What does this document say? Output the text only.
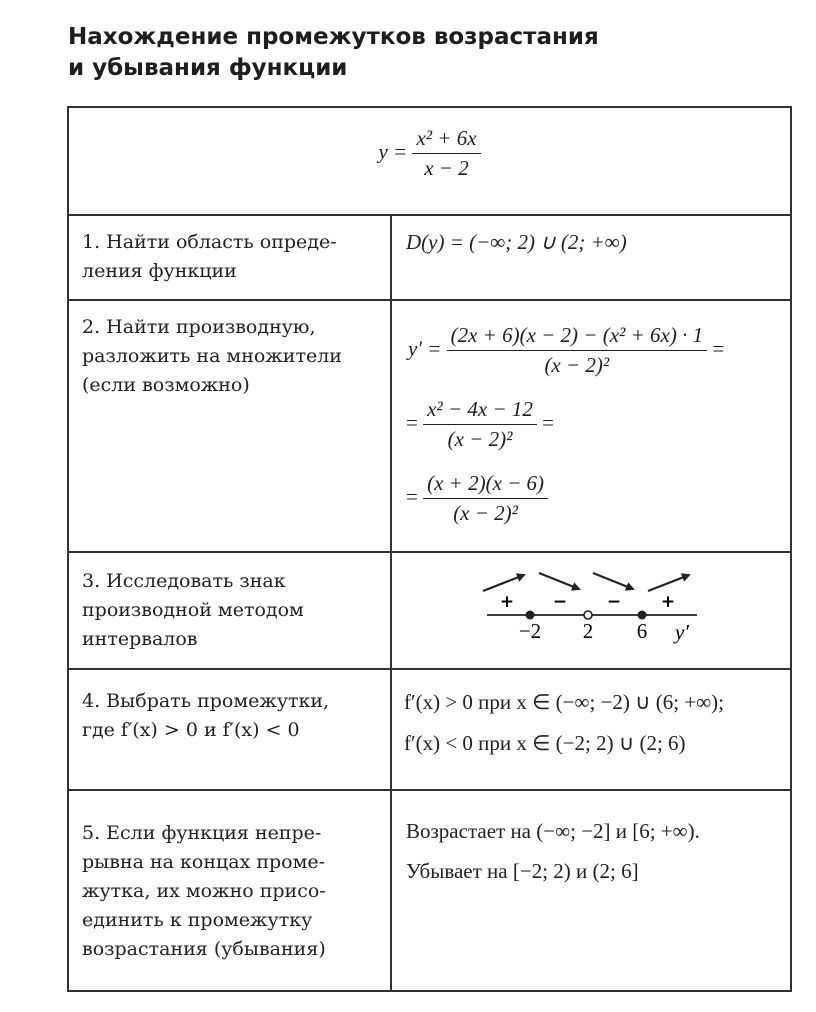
Нахождение промежутков возрастания
и убывания функции
$y = \frac{\text{x² + 6x}}{x - 2}$
1. Найти область опреде-
ления функции
D(y) = (−∞; 2) ∪ (2; +∞)
2. Найти производную,
разложить на множители
(если возможно)
$y' = \frac{\text{(2x + 6)(x − 2) − (x² + 6x) · 1}}{\text{(x − 2)²}}$ =
= $\frac{\text{x² − 4x − 12}}{\text{(x − 2)²}}$ =
= $\frac{(x + 2)(x - 6)}{\text{(x − 2)²}}$
3. Исследовать знак
производной методом
интервалов
+ − − +
−2 2 6 y′
4. Выбрать промежутки,
где f′(x) > 0 и f′(x) < 0
f′(x) > 0 при x ∈ (−∞; −2) ∪ (6; +∞);
f′(x) < 0 при x ∈ (−2; 2) ∪ (2; 6)
5. Если функция непре-
рывна на концах проме-
жутка, их можно присо-
единить к промежутку
возрастания (убывания)
Возрастает на (−∞; −2] и [6; +∞).
Убывает на [−2; 2) и (2; 6]
